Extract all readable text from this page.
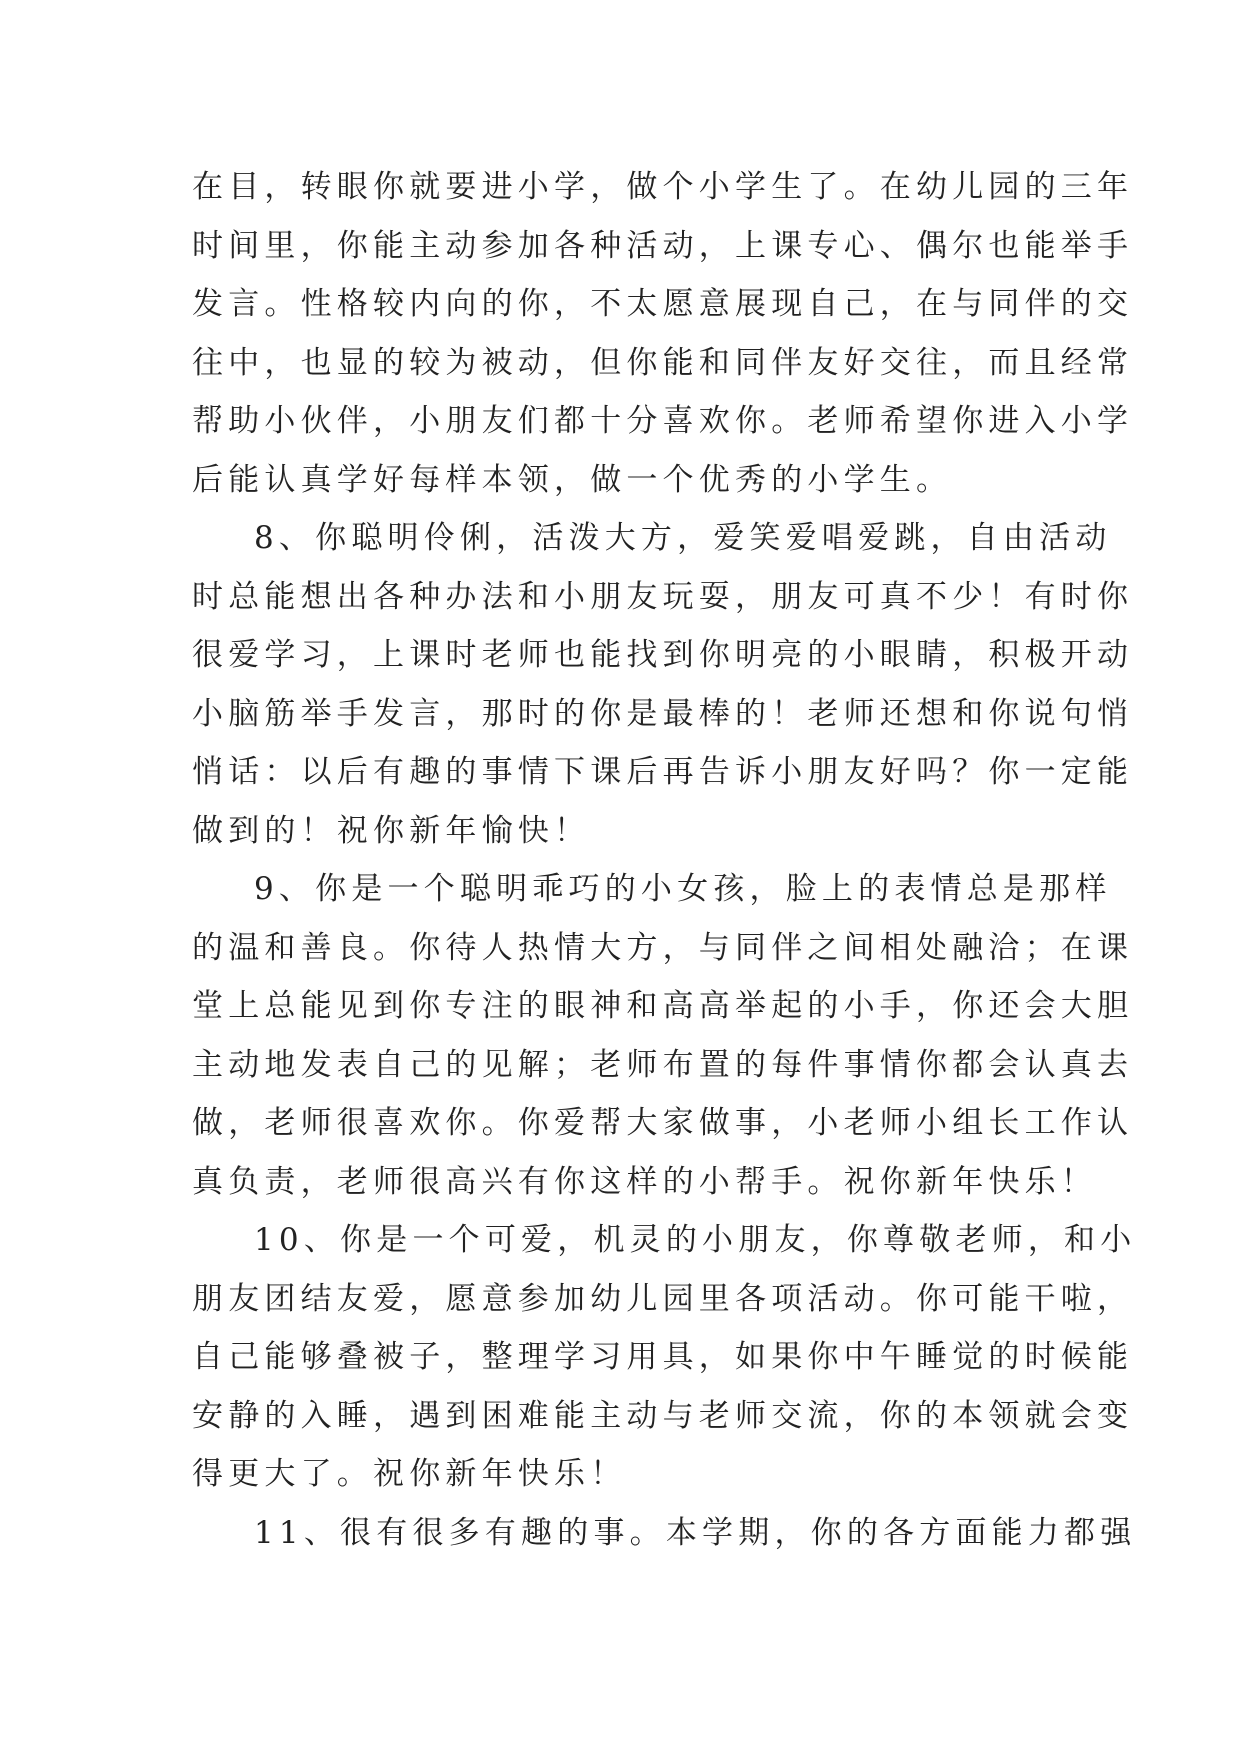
在目，转眼你就要进小学，做个小学生了。在幼儿园的三年
时间里，你能主动参加各种活动，上课专心、偶尔也能举手
发言。性格较内向的你，不太愿意展现自己，在与同伴的交
往中，也显的较为被动，但你能和同伴友好交往，而且经常
帮助小伙伴，小朋友们都十分喜欢你。老师希望你进入小学
后能认真学好每样本领，做一个优秀的小学生。
8、你聪明伶俐，活泼大方，爱笑爱唱爱跳，自由活动
时总能想出各种办法和小朋友玩耍，朋友可真不少！有时你
很爱学习，上课时老师也能找到你明亮的小眼睛，积极开动
小脑筋举手发言，那时的你是最棒的！老师还想和你说句悄
悄话：以后有趣的事情下课后再告诉小朋友好吗？你一定能
做到的！祝你新年愉快！
9、你是一个聪明乖巧的小女孩，脸上的表情总是那样
的温和善良。你待人热情大方，与同伴之间相处融洽；在课
堂上总能见到你专注的眼神和高高举起的小手，你还会大胆
主动地发表自己的见解；老师布置的每件事情你都会认真去
做，老师很喜欢你。你爱帮大家做事，小老师小组长工作认
真负责，老师很高兴有你这样的小帮手。祝你新年快乐！
10、你是一个可爱，机灵的小朋友，你尊敬老师，和小
朋友团结友爱，愿意参加幼儿园里各项活动。你可能干啦，
自己能够叠被子，整理学习用具，如果你中午睡觉的时候能
安静的入睡，遇到困难能主动与老师交流，你的本领就会变
得更大了。祝你新年快乐！
11、很有很多有趣的事。本学期，你的各方面能力都强
